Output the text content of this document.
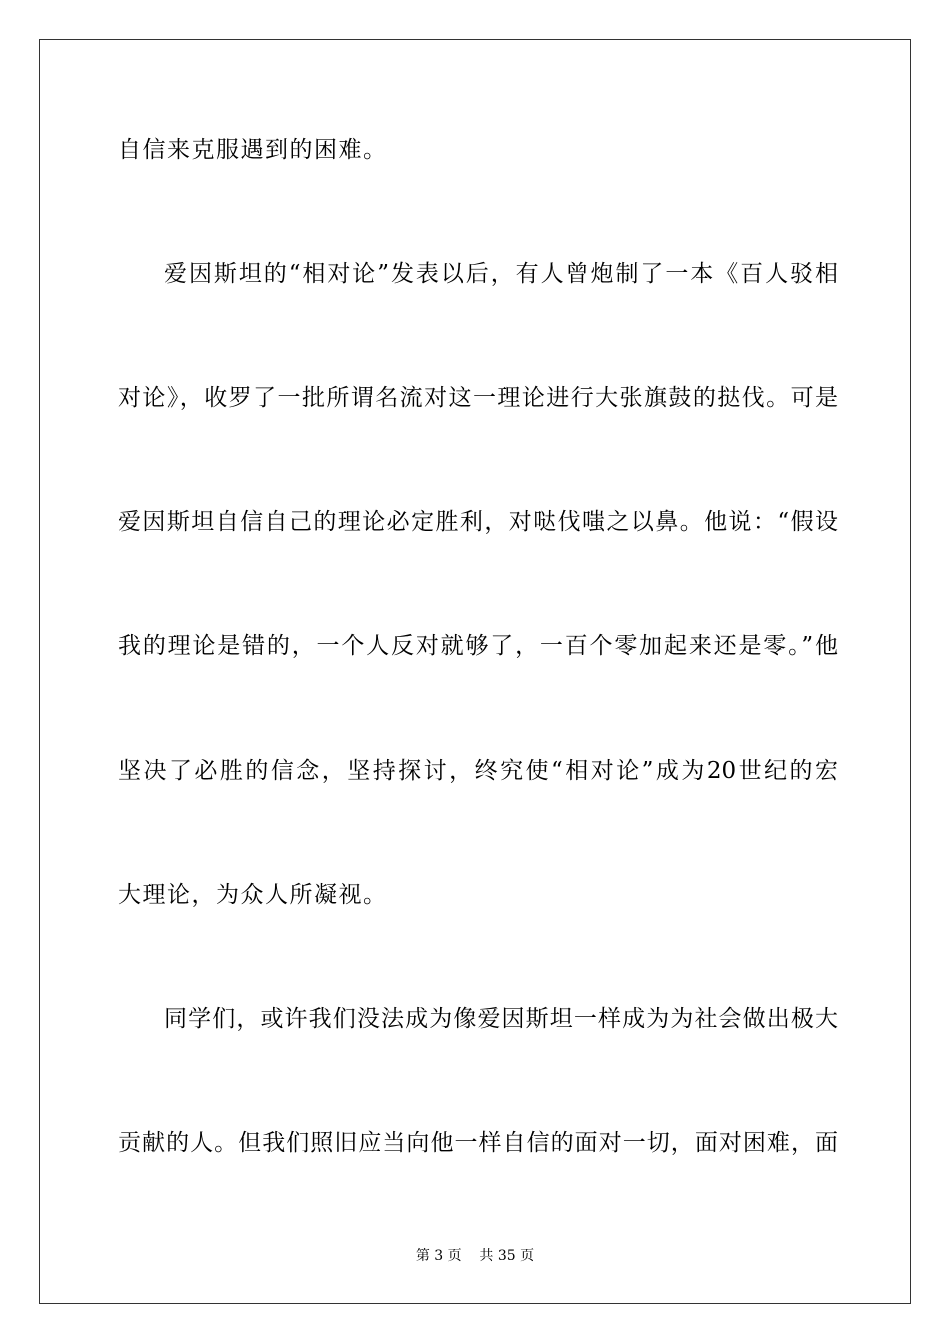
自信来克服遇到的困难。
爱因斯坦的“相对论”发表以后，有人曾炮制了一本《百人驳相
对论》，收罗了一批所谓名流对这一理论进行大张旗鼓的挞伐。可是
爱因斯坦自信自己的理论必定胜利，对哒伐嗤之以鼻。他说：“假设
我的理论是错的，一个人反对就够了，一百个零加起来还是零。”他
坚决了必胜的信念，坚持探讨，终究使“相对论”成为20世纪的宏
大理论，为众人所凝视。
同学们，或许我们没法成为像爱因斯坦一样成为为社会做出极大
贡献的人。但我们照旧应当向他一样自信的面对一切，面对困难，面
第 3 页    共 35 页
